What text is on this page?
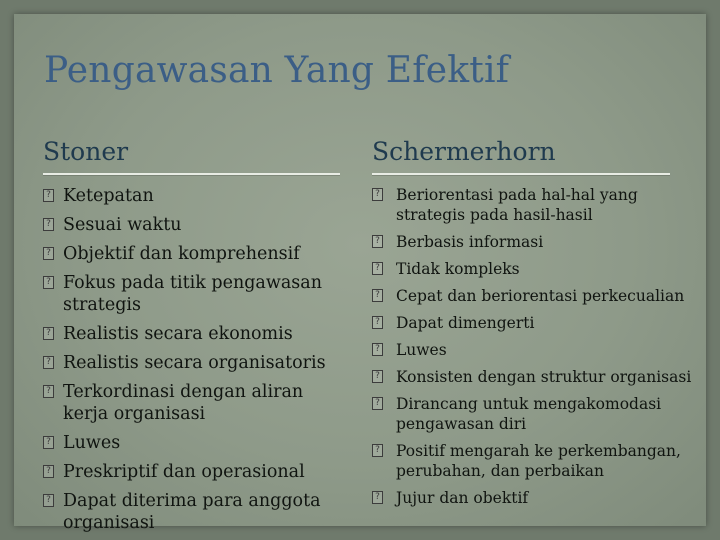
Pengawasan Yang Efektif
Stoner	Schermerhorn
? Ketepatan
? Sesuai waktu
? Objektif dan komprehensif
? Fokus pada titik pengawasan strategis
? Realistis secara ekonomis
? Realistis secara organisatoris
? Terkordinasi dengan aliran kerja organisasi
? Luwes
? Preskriptif dan operasional
? Dapat diterima para anggota organisasi
? Beriorentasi pada hal-hal yang strategis pada hasil-hasil
? Berbasis informasi
? Tidak kompleks
? Cepat dan beriorentasi perkecualian
? Dapat dimengerti
? Luwes
? Konsisten dengan struktur organisasi
? Dirancang untuk mengakomodasi pengawasan diri
? Positif mengarah ke perkembangan, perubahan, dan perbaikan
? Jujur dan obektif
